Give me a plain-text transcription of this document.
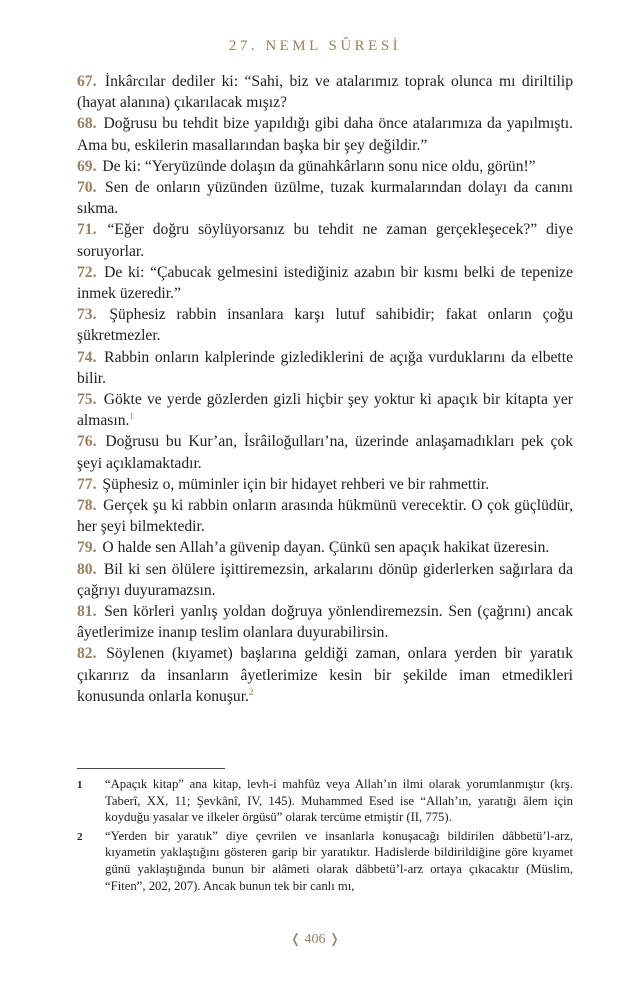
27. NEML SÛRESİ

67. İnkârcılar dediler ki: “Sahi, biz ve atalarımız toprak olunca mı diriltilip (hayat alanına) çıkarılacak mışız?

68. Doğrusu bu tehdit bize yapıldığı gibi daha önce atalarımıza da yapılmıştı. Ama bu, eskilerin masallarından başka bir şey değildir.”

69. De ki: “Yeryüzünde dolaşın da günahkârların sonu nice oldu, görün!”

70. Sen de onların yüzünden üzülme, tuzak kurmalarından dolayı da canını sıkma.

71. “Eğer doğru söylüyorsanız bu tehdit ne zaman gerçekleşecek?” diye soruyorlar.

72. De ki: “Çabucak gelmesini istediğiniz azabın bir kısmı belki de tepenize inmek üzeredir.”

73. Şüphesiz rabbin insanlara karşı lutuf sahibidir; fakat onların çoğu şükretmezler.

74. Rabbin onların kalplerinde gizlediklerini de açığa vurduklarını da elbette bilir.

75. Gökte ve yerde gözlerden gizli hiçbir şey yoktur ki apaçık bir kitapta yer almasın.$^1$

76. Doğrusu bu Kur’an, İsrâiloğulları’na, üzerinde anlaşamadıkları pek çok şeyi açıklamaktadır.

77. Şüphesiz o, müminler için bir hidayet rehberi ve bir rahmettir.

78. Gerçek şu ki rabbin onların arasında hükmünü verecektir. O çok güçlüdür, her şeyi bilmektedir.

79. O halde sen Allah’a güvenip dayan. Çünkü sen apaçık hakikat üzeresin.

80. Bil ki sen ölülere işittiremezsin, arkalarını dönüp giderlerken sağırlara da çağrıyı duyuramazsın.

81. Sen körleri yanlış yoldan doğruya yönlendiremezsin. Sen (çağrını) ancak âyetlerimize inanıp teslim olanlara duyurabilirsin.

82. Söylenen (kıyamet) başlarına geldiği zaman, onlara yerden bir yaratık çıkarırız da insanların âyetlerimize kesin bir şekilde iman etmedikleri konusunda onlarla konuşur.$^2$

1	“Apaçık kitap” ana kitap, levh-i mahfûz veya Allah’ın ilmi olarak yorumlanmıştır (krş. Taberî, XX, 11; Şevkânî, IV, 145). Muhammed Esed ise “Allah’ın, yaratığı âlem için koyduğu yasalar ve ilkeler örgüsü” olarak tercüme etmiştir (II, 775).
2	“Yerden bir yaratık” diye çevrilen ve insanlarla konuşacağı bildirilen dâbbetü’l-arz, kıyametin yaklaştığını gösteren garip bir yaratıktır. Hadislerde bildirildiğine göre kıyamet günü yaklaştığında bunun bir alâmeti olarak dâbbetü’l-arz ortaya çıkacaktır (Müslim, “Fiten”, 202, 207). Ancak bunun tek bir canlı mı,
❬ 406 ❭
